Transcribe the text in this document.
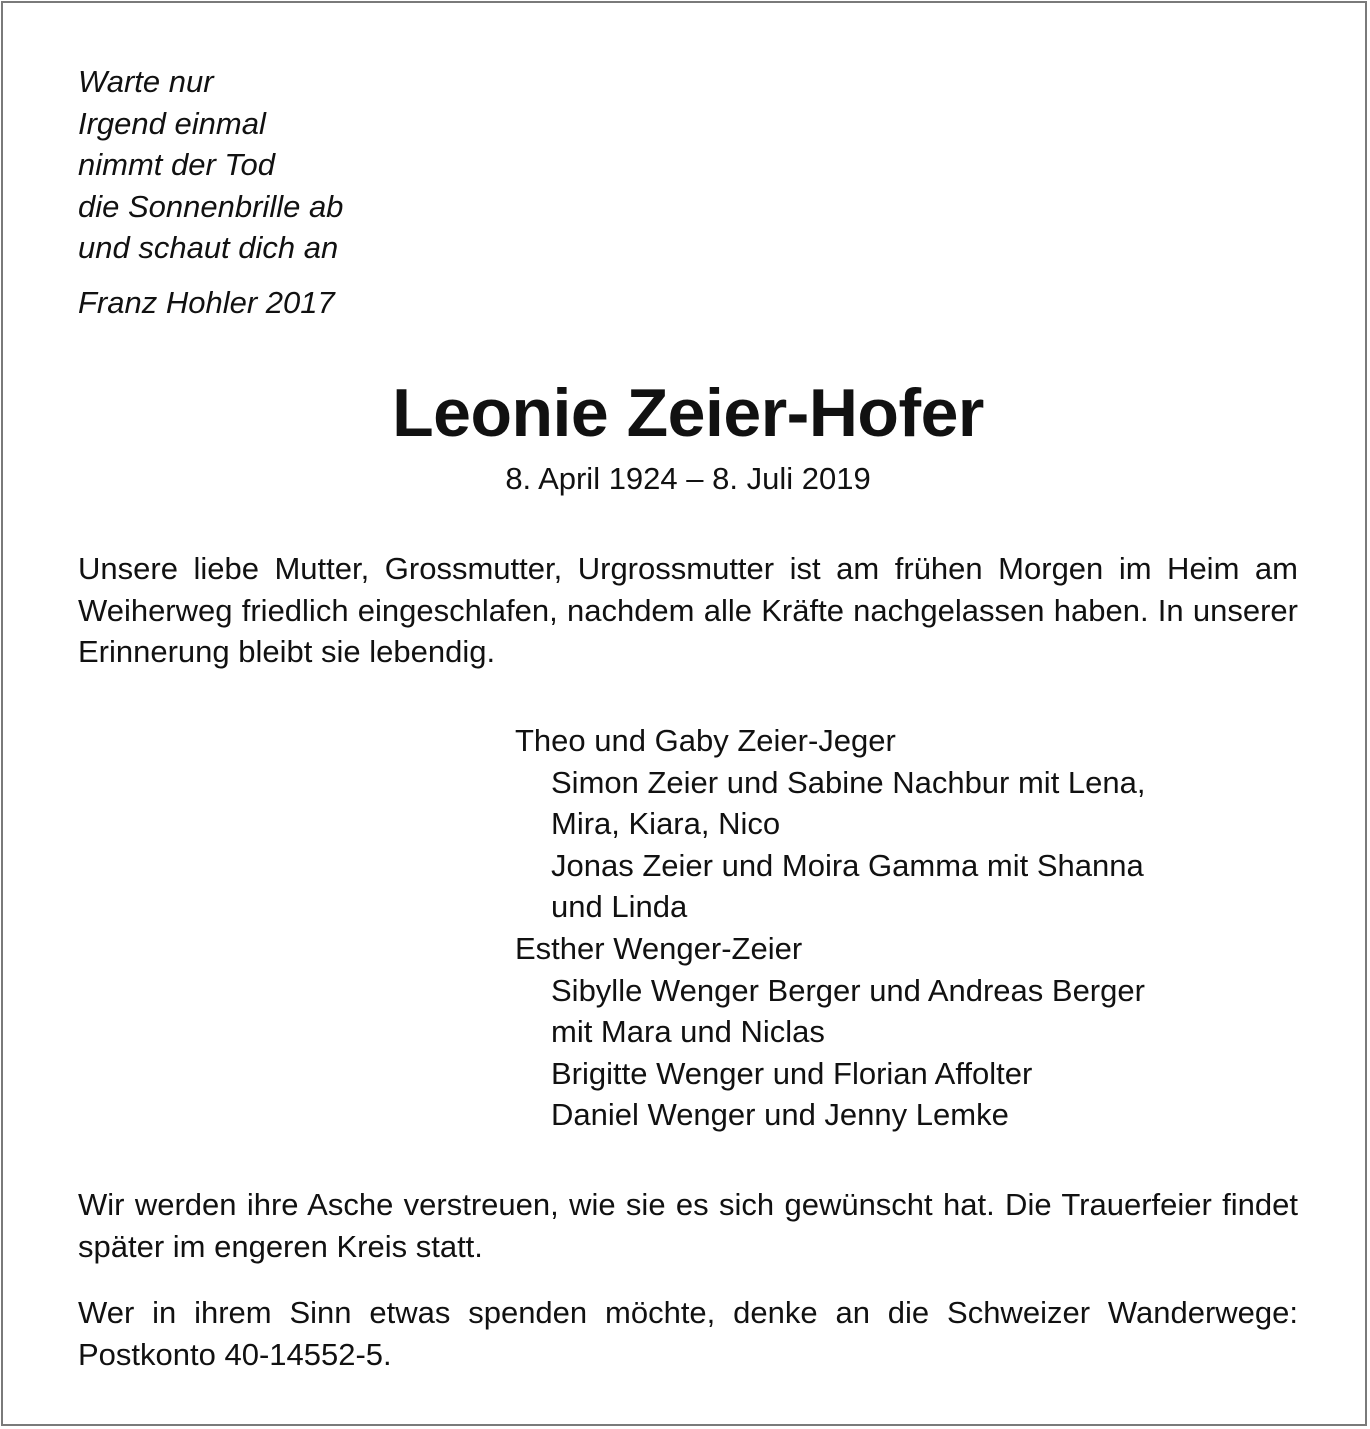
Warte nur
Irgend einmal
nimmt der Tod
die Sonnenbrille ab
und schaut dich an
Franz Hohler 2017
Leonie Zeier-Hofer
8. April 1924 – 8. Juli 2019
Unsere liebe Mutter, Grossmutter, Urgrossmutter ist am frühen Morgen im Heim am Weiherweg friedlich eingeschlafen, nachdem alle Kräfte nachgelassen haben. In unserer Erinnerung bleibt sie lebendig.
Theo und Gaby Zeier-Jeger
Simon Zeier und Sabine Nachbur mit Lena,
Mira, Kiara, Nico
Jonas Zeier und Moira Gamma mit Shanna
und Linda
Esther Wenger-Zeier
Sibylle Wenger Berger und Andreas Berger
mit Mara und Niclas
Brigitte Wenger und Florian Affolter
Daniel Wenger und Jenny Lemke
Wir werden ihre Asche verstreuen, wie sie es sich gewünscht hat. Die Trauerfeier findet später im engeren Kreis statt.
Wer in ihrem Sinn etwas spenden möchte, denke an die Schweizer Wanderwege: Postkonto 40-14552-5.
